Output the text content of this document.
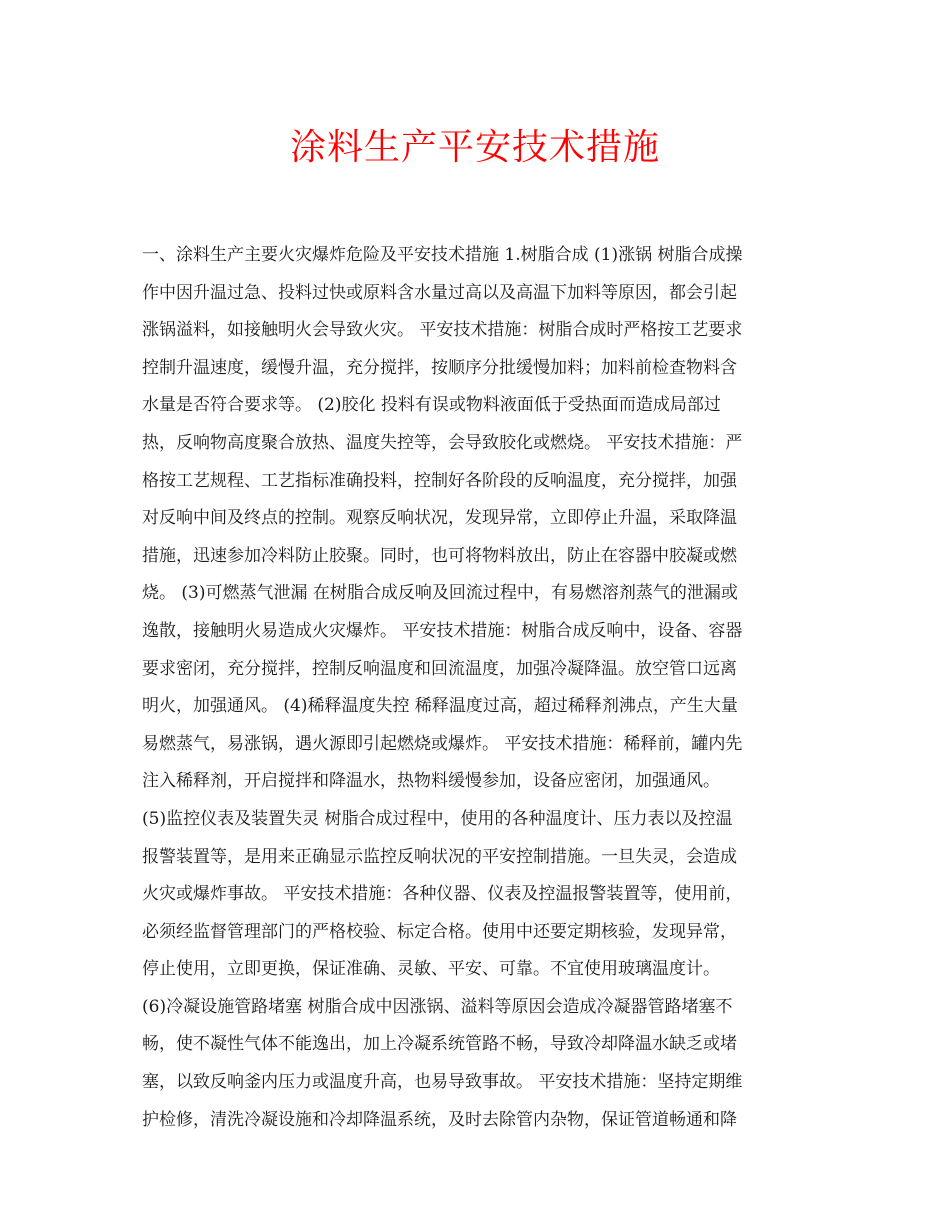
涂料生产平安技术措施
一、涂料生产主要火灾爆炸危险及平安技术措施 1.树脂合成 (1)涨锅 树脂合成操
作中因升温过急、投料过快或原料含水量过高以及高温下加料等原因，都会引起
涨锅溢料，如接触明火会导致火灾。 平安技术措施：树脂合成时严格按工艺要求
控制升温速度，缓慢升温，充分搅拌，按顺序分批缓慢加料；加料前检查物料含
水量是否符合要求等。 (2)胶化 投料有误或物料液面低于受热面而造成局部过
热，反响物高度聚合放热、温度失控等，会导致胶化或燃烧。 平安技术措施：严
格按工艺规程、工艺指标准确投料，控制好各阶段的反响温度，充分搅拌，加强
对反响中间及终点的控制。观察反响状况，发现异常，立即停止升温，采取降温
措施，迅速参加冷料防止胶聚。同时，也可将物料放出，防止在容器中胶凝或燃
烧。 (3)可燃蒸气泄漏 在树脂合成反响及回流过程中，有易燃溶剂蒸气的泄漏或
逸散，接触明火易造成火灾爆炸。 平安技术措施：树脂合成反响中，设备、容器
要求密闭，充分搅拌，控制反响温度和回流温度，加强冷凝降温。放空管口远离
明火，加强通风。 (4)稀释温度失控 稀释温度过高，超过稀释剂沸点，产生大量
易燃蒸气，易涨锅，遇火源即引起燃烧或爆炸。 平安技术措施：稀释前，罐内先
注入稀释剂，开启搅拌和降温水，热物料缓慢参加，设备应密闭，加强通风。
(5)监控仪表及装置失灵 树脂合成过程中，使用的各种温度计、压力表以及控温
报警装置等，是用来正确显示监控反响状况的平安控制措施。一旦失灵，会造成
火灾或爆炸事故。 平安技术措施：各种仪器、仪表及控温报警装置等，使用前，
必须经监督管理部门的严格校验、标定合格。使用中还要定期核验，发现异常，
停止使用，立即更换，保证准确、灵敏、平安、可靠。不宜使用玻璃温度计。
(6)冷凝设施管路堵塞 树脂合成中因涨锅、溢料等原因会造成冷凝器管路堵塞不
畅，使不凝性气体不能逸出，加上冷凝系统管路不畅，导致冷却降温水缺乏或堵
塞，以致反响釜内压力或温度升高，也易导致事故。 平安技术措施：坚持定期维
护检修，清洗冷凝设施和冷却降温系统，及时去除管内杂物，保证管道畅通和降
